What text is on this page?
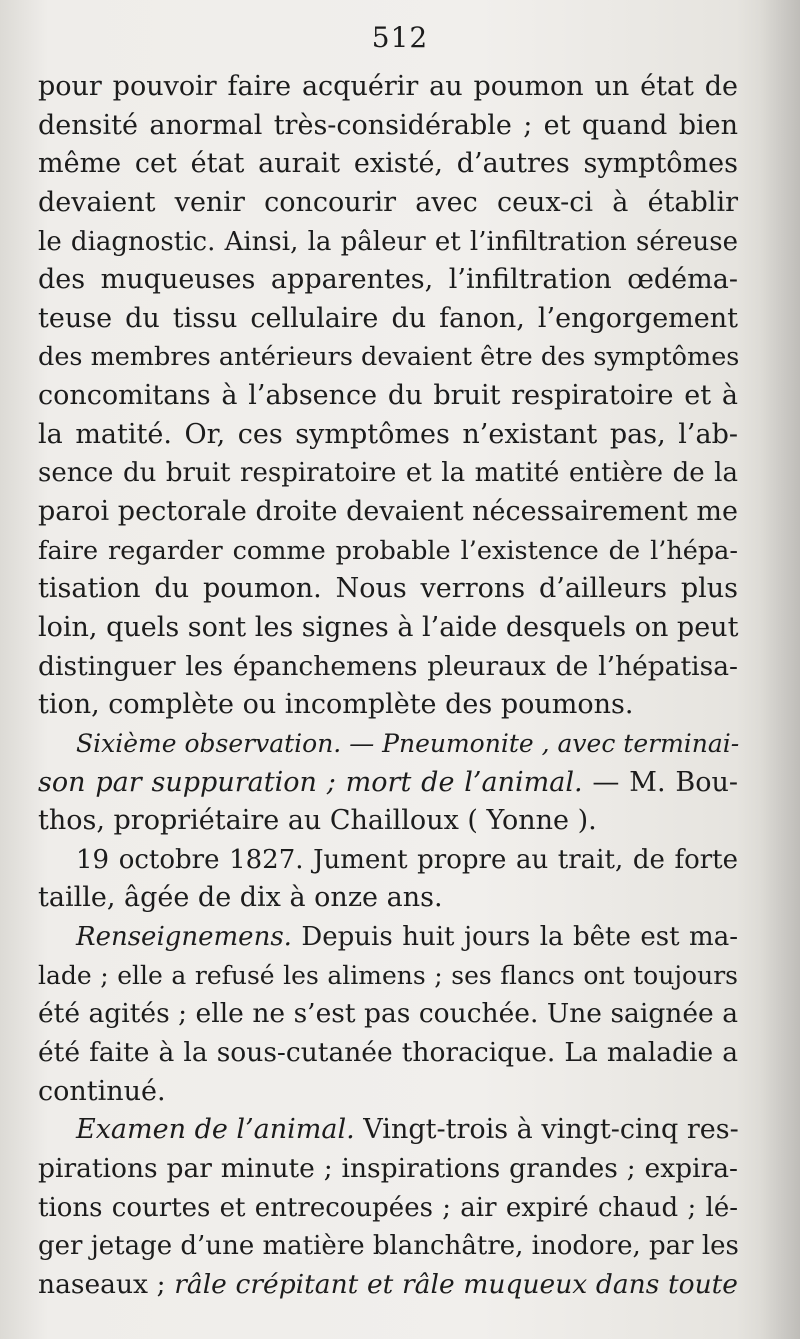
512
pour pouvoir faire acquérir au poumon un état de
densité anormal très-considérable ; et quand bien
même cet état aurait existé, d’autres symptômes
devaient venir concourir avec ceux-ci à établir
le diagnostic. Ainsi, la pâleur et l’infiltration séreuse
des muqueuses apparentes, l’infiltration œdéma-
teuse du tissu cellulaire du fanon, l’engorgement
des membres antérieurs devaient être des symptômes
concomitans à l’absence du bruit respiratoire et à
la matité. Or, ces symptômes n’existant pas, l’ab-
sence du bruit respiratoire et la matité entière de la
paroi pectorale droite devaient nécessairement me
faire regarder comme probable l’existence de l’hépa-
tisation du poumon. Nous verrons d’ailleurs plus
loin, quels sont les signes à l’aide desquels on peut
distinguer les épanchemens pleuraux de l’hépatisa-
tion, complète ou incomplète des poumons.
Sixième observation. — Pneumonite , avec terminai-
son par suppuration ; mort de l’animal. — M. Bou-
thos, propriétaire au Chailloux ( Yonne ).
19 octobre 1827. Jument propre au trait, de forte
taille, âgée de dix à onze ans.
Renseignemens. Depuis huit jours la bête est ma-
lade ; elle a refusé les alimens ; ses flancs ont toujours
été agités ; elle ne s’est pas couchée. Une saignée a
été faite à la sous-cutanée thoracique. La maladie a
continué.
Examen de l’animal. Vingt-trois à vingt-cinq res-
pirations par minute ; inspirations grandes ; expira-
tions courtes et entrecoupées ; air expiré chaud ; lé-
ger jetage d’une matière blanchâtre, inodore, par les
naseaux ; râle crépitant et râle muqueux dans toute
